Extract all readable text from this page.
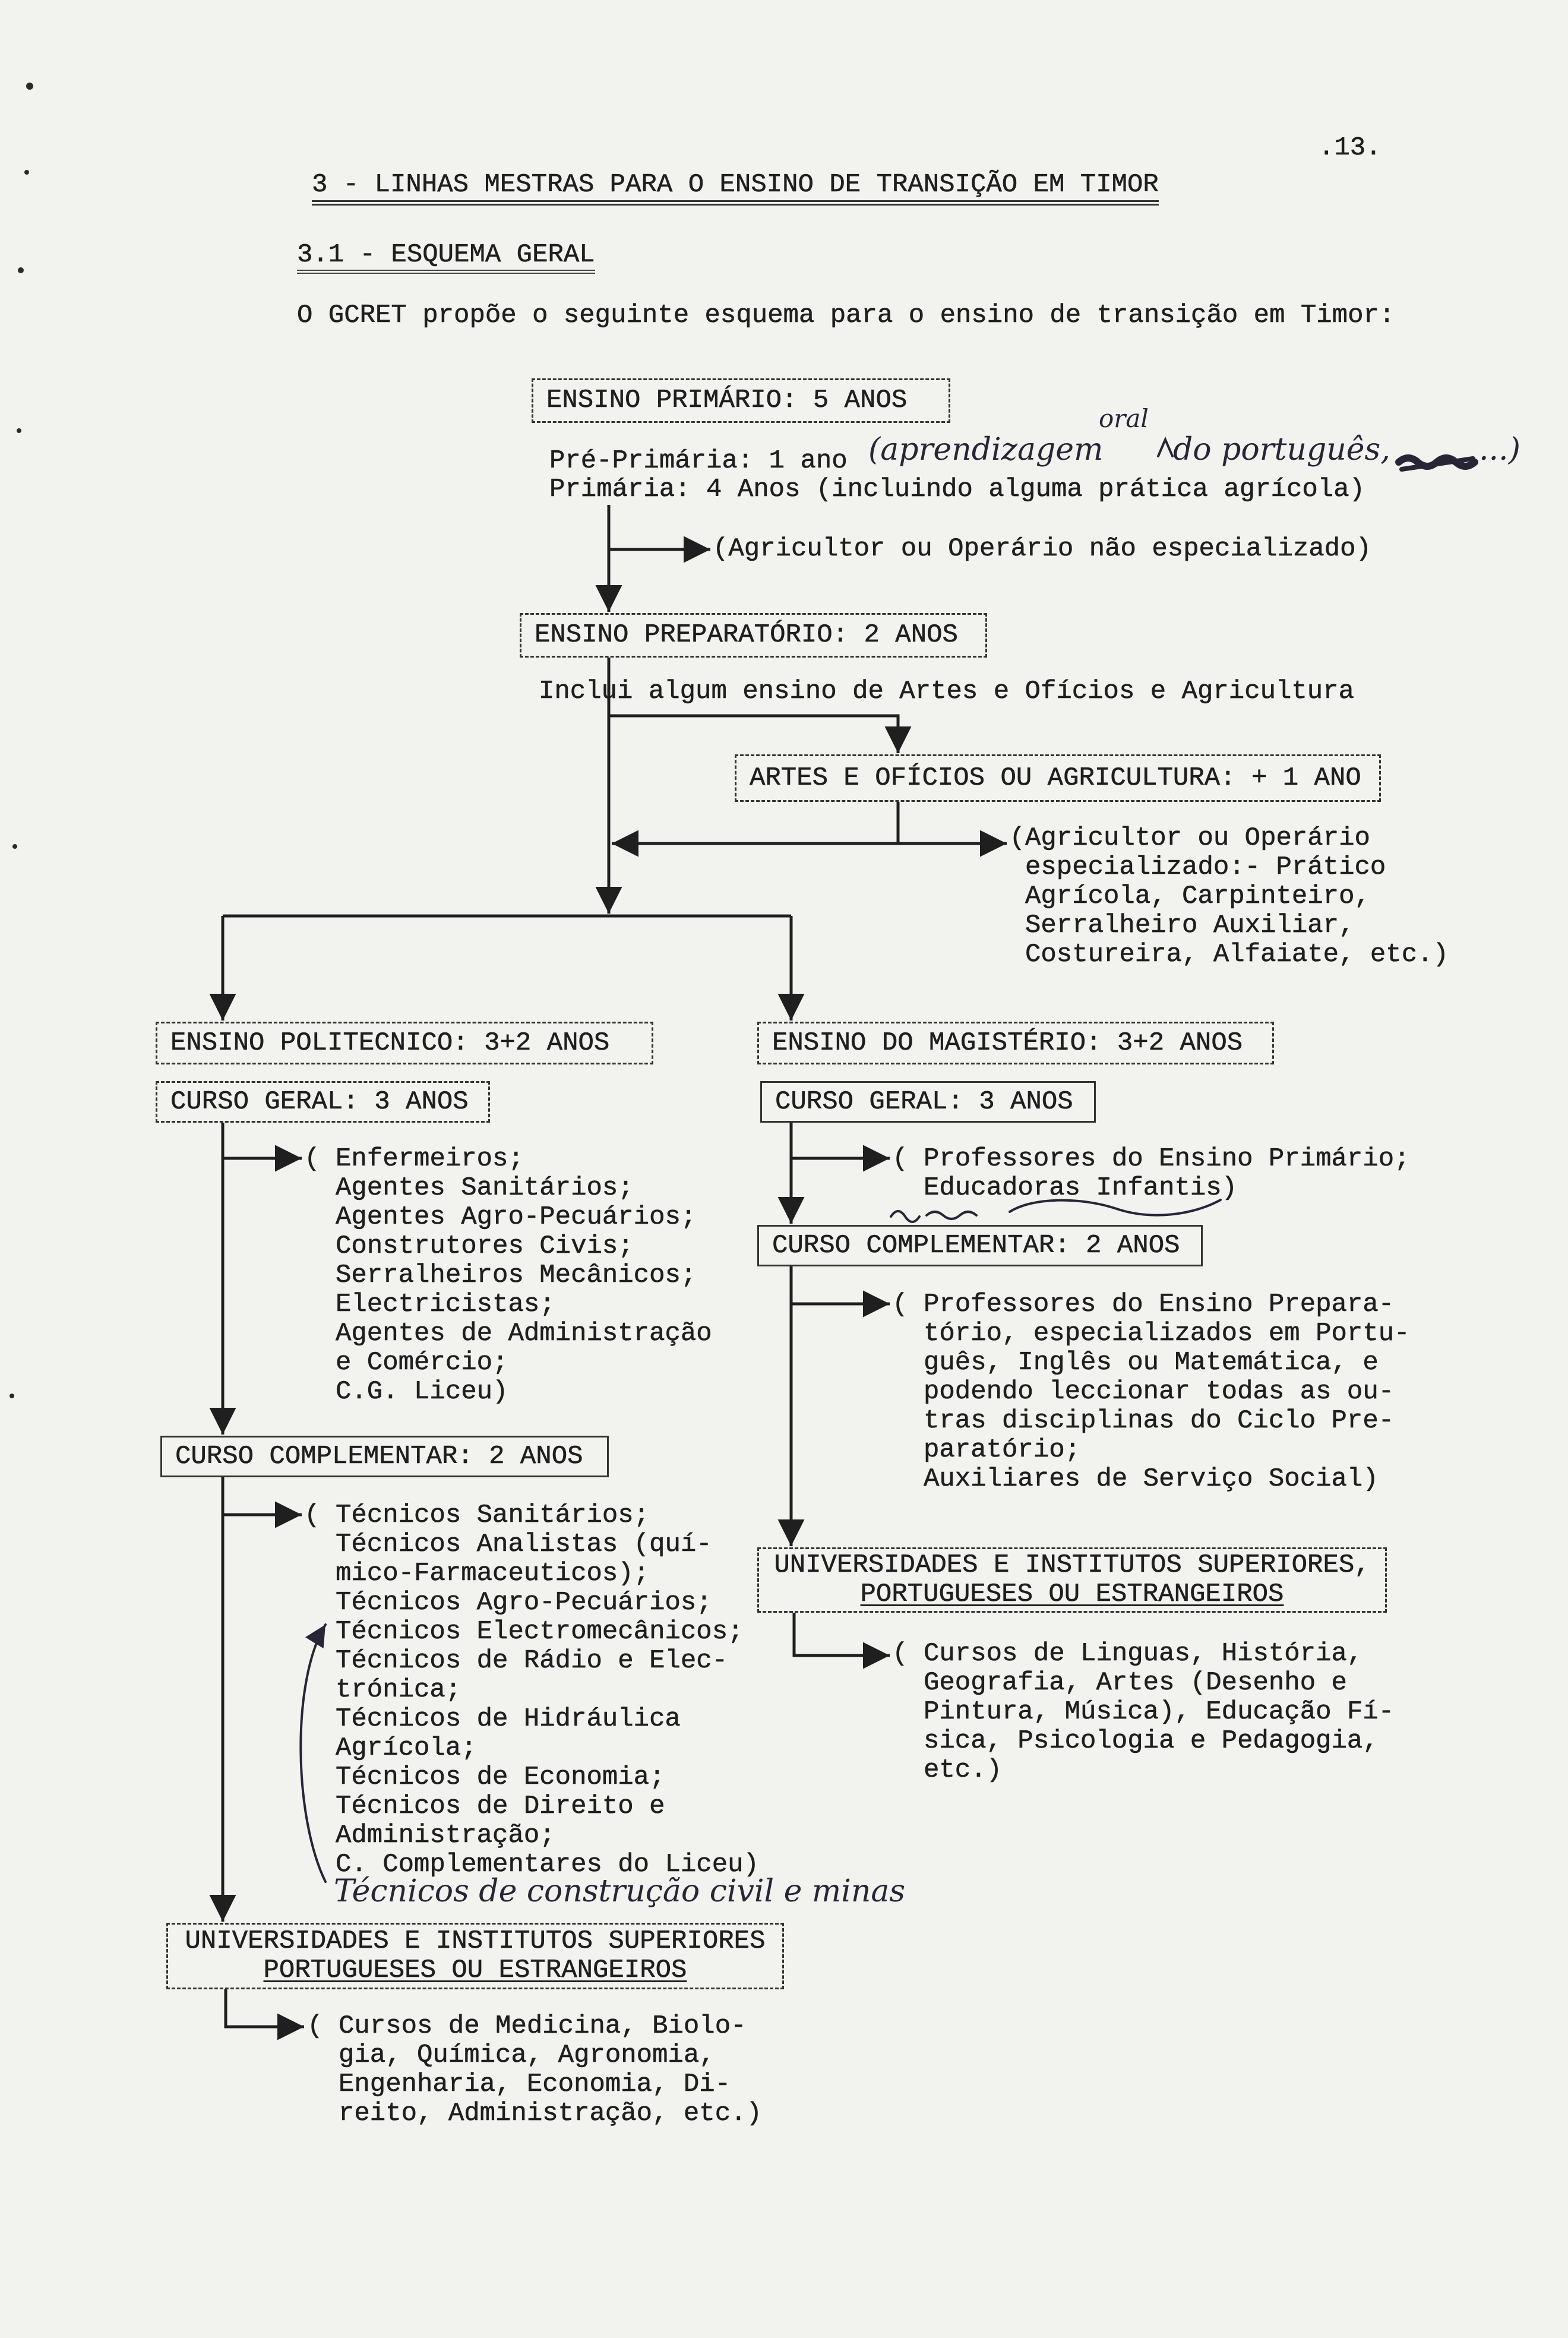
.13.
3 - LINHAS MESTRAS PARA O ENSINO DE TRANSIÇÃO EM TIMOR
3.1 - ESQUEMA GERAL
O GCRET propõe o seguinte esquema para o ensino de transição em Timor:
ENSINO PRIMÁRIO: 5 ANOS
Pré-Primária: 1 ano (aprendizagem
oral
do português,	...)
Primária: 4 Anos (incluindo alguma prática agrícola)
(Agricultor ou Operário não especializado)
ENSINO PREPARATÓRIO: 2 ANOS
Inclui algum ensino de Artes e Ofícios e Agricultura
ARTES E OFÍCIOS OU AGRICULTURA: + 1 ANO
(Agricultor ou Operário
especializado:- Prático
Agrícola, Carpinteiro,
Serralheiro Auxiliar,
Costureira, Alfaiate, etc.)
ENSINO POLITECNICO: 3+2 ANOS
CURSO GERAL: 3 ANOS
( Enfermeiros;
Agentes Sanitários;
Agentes Agro-Pecuários;
Construtores Civis;
Serralheiros Mecânicos;
Electricistas;
Agentes de Administração
e Comércio;
C.G. Liceu)
CURSO COMPLEMENTAR: 2 ANOS
( Técnicos Sanitários;
Técnicos Analistas (quí-
mico-Farmaceuticos);
Técnicos Agro-Pecuários;
Técnicos Electromecânicos;
Técnicos de Rádio e Elec-
trónica;
Técnicos de Hidráulica
Agrícola;
Técnicos de Economia;
Técnicos de Direito e
Administração;
C. Complementares do Liceu)
Técnicos de construção civil e minas
UNIVERSIDADES E INSTITUTOS SUPERIORES
PORTUGUESES OU ESTRANGEIROS
( Cursos de Medicina, Biolo-
gia, Química, Agronomia,
Engenharia, Economia, Di-
reito, Administração, etc.)
ENSINO DO MAGISTÉRIO: 3+2 ANOS
CURSO GERAL: 3 ANOS
( Professores do Ensino Primário;
Educadoras Infantis)
CURSO COMPLEMENTAR: 2 ANOS
( Professores do Ensino Prepara-
tório, especializados em Portu-
guês, Inglês ou Matemática, e
podendo leccionar todas as ou-
tras disciplinas do Ciclo Pre-
paratório;
Auxiliares de Serviço Social)
UNIVERSIDADES E INSTITUTOS SUPERIORES,
PORTUGUESES OU ESTRANGEIROS
( Cursos de Linguas, História,
Geografia, Artes (Desenho e
Pintura, Música), Educação Fí-
sica, Psicologia e Pedagogia,
etc.)
